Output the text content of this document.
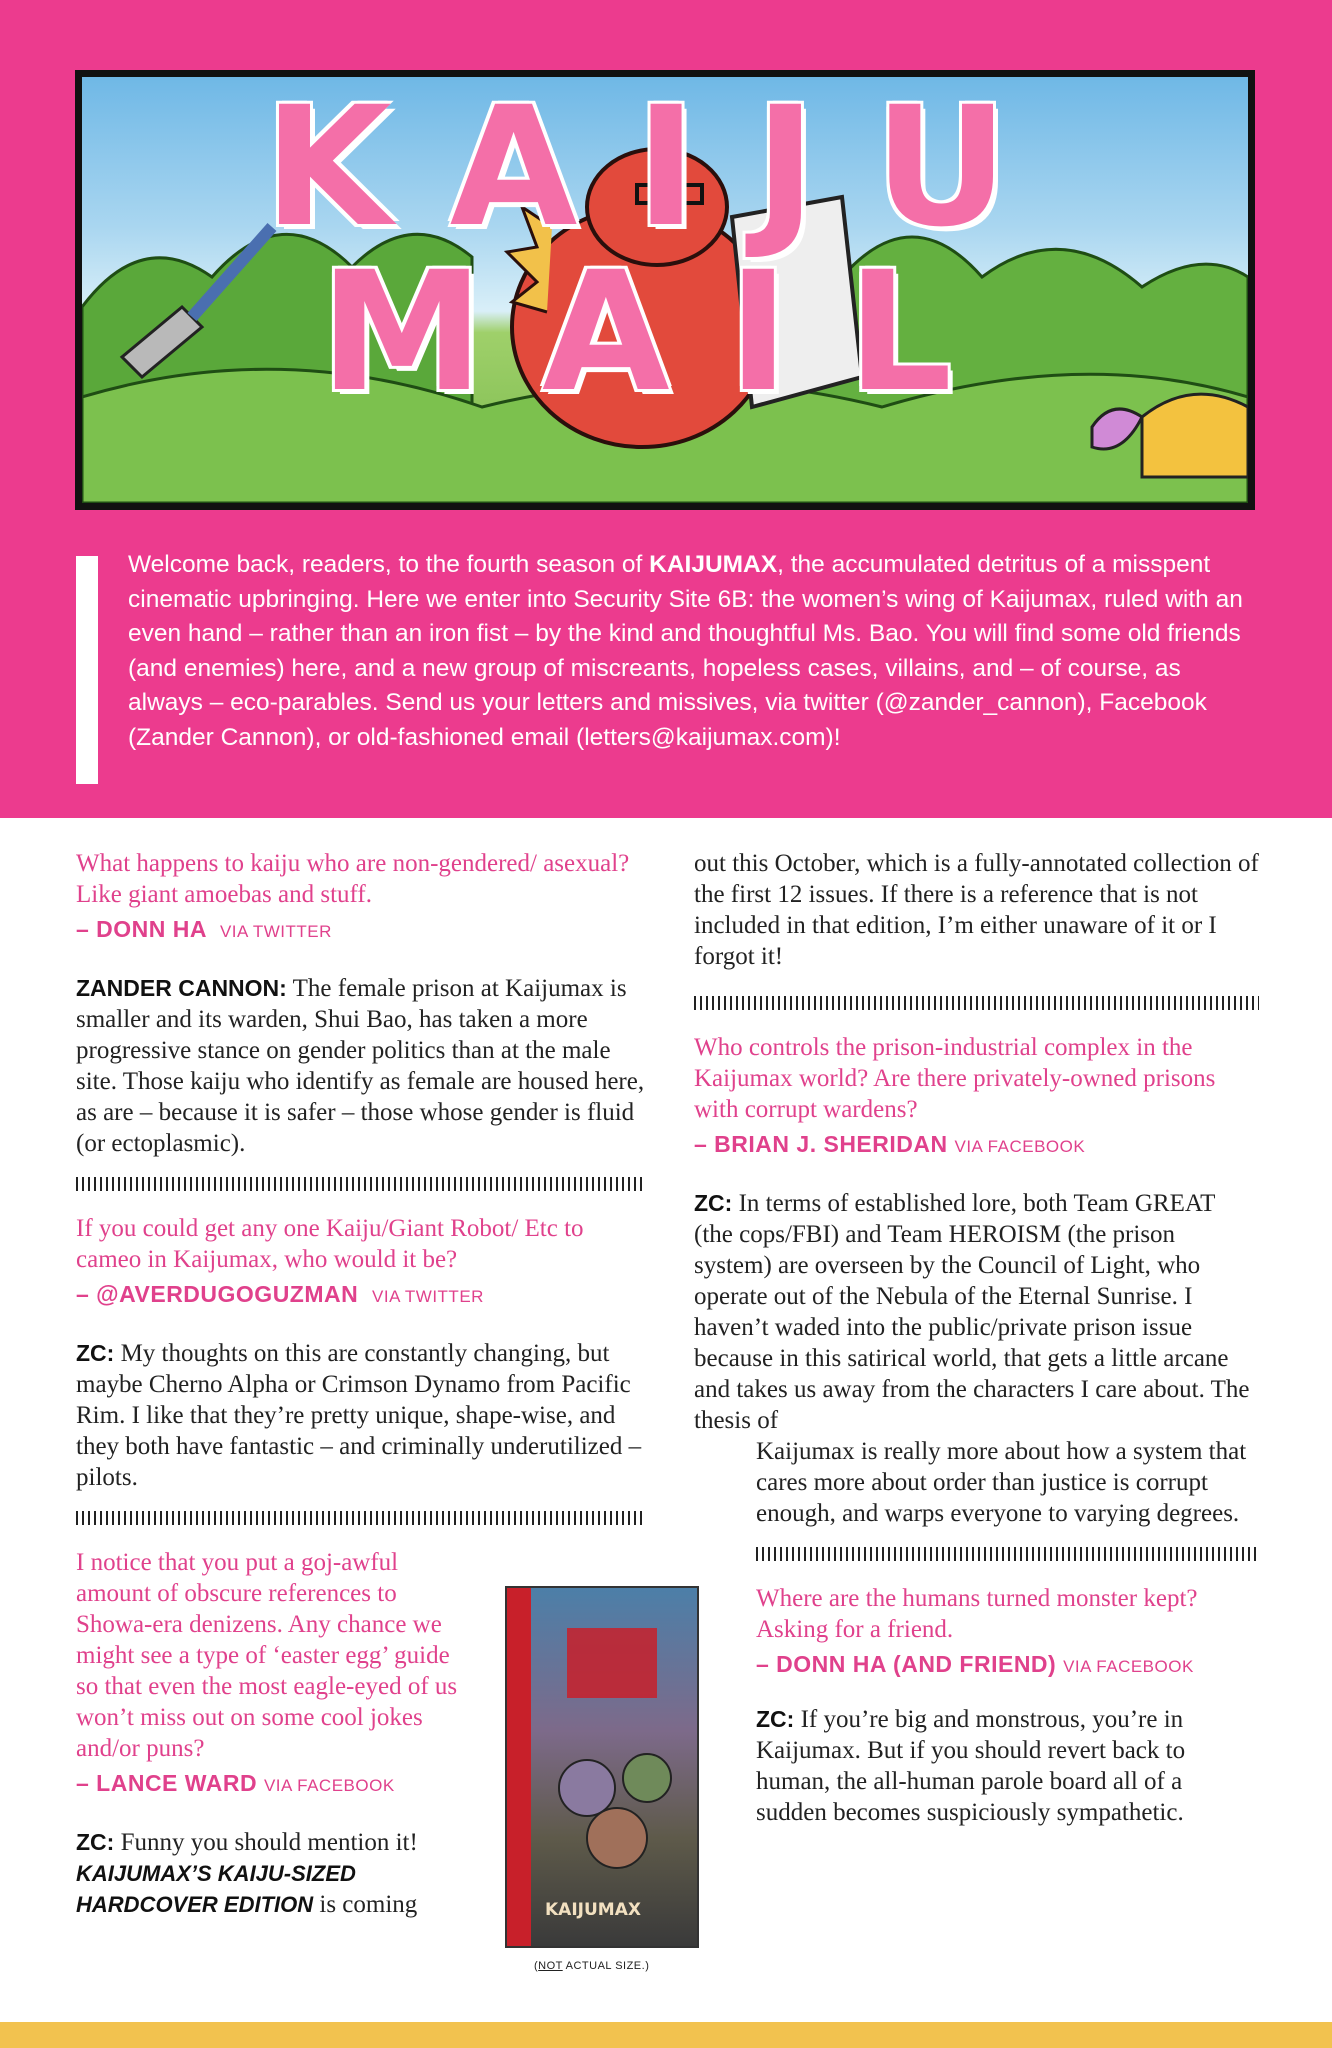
KAIJU MAIL

Welcome back, readers, to the fourth season of KAIJUMAX, the accumulated detritus of a misspent cinematic upbringing. Here we enter into Security Site 6B: the women’s wing of Kaijumax, ruled with an even hand – rather than an iron fist – by the kind and thoughtful Ms. Bao. You will find some old friends (and enemies) here, and a new group of miscreants, hopeless cases, villains, and – of course, as always – eco-parables. Send us your letters and missives, via twitter (@zander_cannon), Facebook (Zander Cannon), or old-fashioned email (letters@kaijumax.com)!

What happens to kaiju who are non-gendered/ asexual? Like giant amoebas and stuff.

– DONN HA VIA TWITTER

ZANDER CANNON: The female prison at Kaijumax is smaller and its warden, Shui Bao, has taken a more progressive stance on gender politics than at the male site. Those kaiju who identify as female are housed here, as are – because it is safer – those whose gender is fluid (or ectoplasmic).

If you could get any one Kaiju/Giant Robot/ Etc to cameo in Kaijumax, who would it be?

– @AVERDUGOGUZMAN VIA TWITTER

ZC: My thoughts on this are constantly changing, but maybe Cherno Alpha or Crimson Dynamo from Pacific Rim. I like that they’re pretty unique, shape-wise, and they both have fantastic – and criminally underutilized – pilots.

I notice that you put a goj-awful amount of obscure references to Showa-era denizens. Any chance we might see a type of ‘easter egg’ guide so that even the most eagle-eyed of us won’t miss out on some cool jokes and/or puns?

– LANCE WARD VIA FACEBOOK

ZC: Funny you should mention it! KAIJUMAX’S KAIJU-SIZED HARDCOVER EDITION is coming

out this October, which is a fully-annotated collection of the first 12 issues. If there is a reference that is not included in that edition, I’m either unaware of it or I forgot it!

Who controls the prison-industrial complex in the Kaijumax world? Are there privately-owned prisons with corrupt wardens?

– BRIAN J. SHERIDAN VIA FACEBOOK

ZC: In terms of established lore, both Team GREAT (the cops/FBI) and Team HEROISM (the prison system) are overseen by the Council of Light, who operate out of the Nebula of the Eternal Sunrise. I haven’t waded into the public/private prison issue because in this satirical world, that gets a little arcane and takes us away from the characters I care about. The thesis of

Kaijumax is really more about how a system that cares more about order than justice is corrupt enough, and warps everyone to varying degrees.

Where are the humans turned monster kept? Asking for a friend.

– DONN HA (AND FRIEND) VIA FACEBOOK

ZC: If you’re big and monstrous, you’re in Kaijumax. But if you should revert back to human, the all-human parole board all of a sudden becomes suspiciously sympathetic.

KAIJUMAX
(NOT ACTUAL SIZE.)
